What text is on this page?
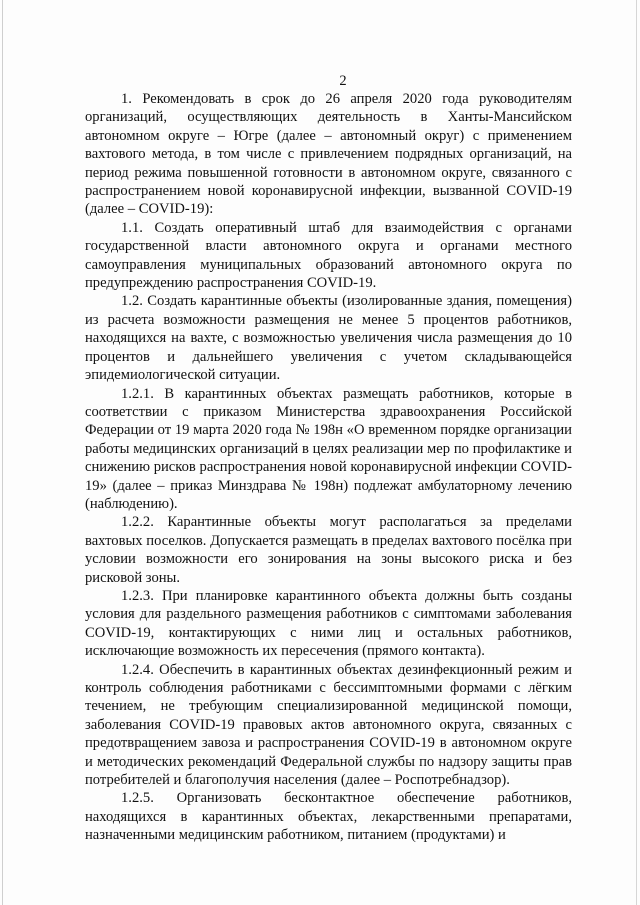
2

1. Рекомендовать в срок до 26 апреля 2020 года руководителям организаций, осуществляющих деятельность в Ханты-Мансийском автономном округе – Югре (далее – автономный округ) с применением вахтового метода, в том числе с привлечением подрядных организаций, на период режима повышенной готовности в автономном округе, связанного с распространением новой коронавирусной инфекции, вызванной COVID-19 (далее – COVID-19):

1.1. Создать оперативный штаб для взаимодействия с органами государственной власти автономного округа и органами местного самоуправления муниципальных образований автономного округа по предупреждению распространения COVID-19.

1.2. Создать карантинные объекты (изолированные здания, помещения) из расчета возможности размещения не менее 5 процентов работников, находящихся на вахте, с возможностью увеличения числа размещения до 10 процентов и дальнейшего увеличения с учетом складывающейся эпидемиологической ситуации.

1.2.1. В карантинных объектах размещать работников, которые в соответствии с приказом Министерства здравоохранения Российской Федерации от 19 марта 2020 года № 198н «О временном порядке организации работы медицинских организаций в целях реализации мер по профилактике и снижению рисков распространения новой коронавирусной инфекции COVID-19» (далее – приказ Минздрава № 198н) подлежат амбулаторному лечению (наблюдению).

1.2.2. Карантинные объекты могут располагаться за пределами вахтовых поселков. Допускается размещать в пределах вахтового посёлка при условии возможности его зонирования на зоны высокого риска и без рисковой зоны.

1.2.3. При планировке карантинного объекта должны быть созданы условия для раздельного размещения работников с симптомами заболевания COVID-19, контактирующих с ними лиц и остальных работников, исключающие возможность их пересечения (прямого контакта).

1.2.4. Обеспечить в карантинных объектах дезинфекционный режим и контроль соблюдения работниками с бессимптомными формами с лёгким течением, не требующим специализированной медицинской помощи, заболевания COVID-19 правовых актов автономного округа, связанных с предотвращением завоза и распространения COVID-19 в автономном округе и методических рекомендаций Федеральной службы по надзору защиты прав потребителей и благополучия населения (далее – Роспотребнадзор).

1.2.5. Организовать бесконтактное обеспечение работников, находящихся в карантинных объектах, лекарственными препаратами, назначенными медицинским работником, питанием (продуктами) и
